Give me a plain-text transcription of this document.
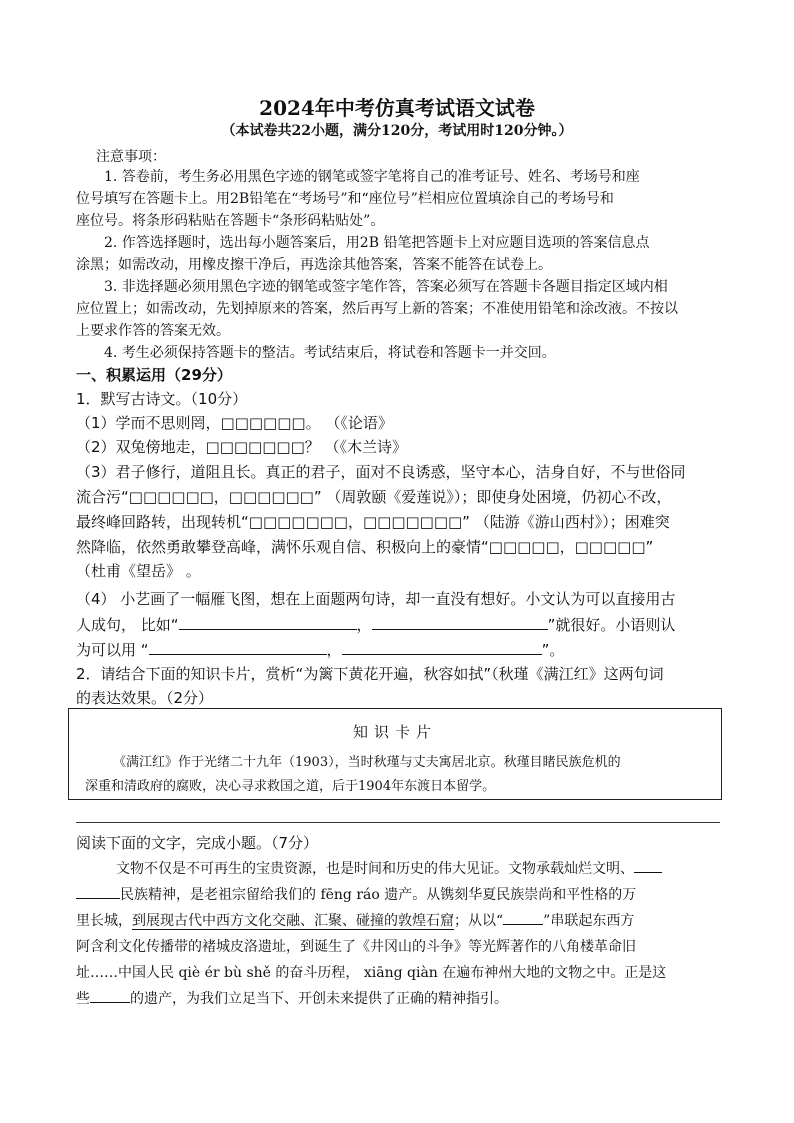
2024年中考仿真考试语文试卷
（本试卷共22小题，满分120分，考试用时120分钟。）
注意事项：
1. 答卷前，考生务必用黑色字迹的钢笔或签字笔将自己的准考证号、姓名、考场号和座
位号填写在答题卡上。用2B铅笔在“考场号”和“座位号”栏相应位置填涂自己的考场号和
座位号。将条形码粘贴在答题卡“条形码粘贴处”。
2. 作答选择题时，选出每小题答案后，用2B 铅笔把答题卡上对应题目选项的答案信息点
涂黑；如需改动，用橡皮擦干净后，再选涂其他答案，答案不能答在试卷上。
3. 非选择题必须用黑色字迹的钢笔或签字笔作答，答案必须写在答题卡各题目指定区域内相
应位置上；如需改动，先划掉原来的答案，然后再写上新的答案；不准使用铅笔和涂改液。不按以
上要求作答的答案无效。
4. 考生必须保持答题卡的整洁。考试结束后，将试卷和答题卡一并交回。
一、积累运用（29分）
1．默写古诗文。（10分）
（1）学而不思则罔，□□□□□□。 （《论语》
（2）双兔傍地走，□□□□□□□？ （《木兰诗》
（3）君子修行，道阻且长。真正的君子，面对不良诱惑，坚守本心，洁身自好，不与世俗同
流合污“□□□□□□，□□□□□□” （周敦颐《爱莲说》）；即使身处困境，仍初心不改，
最终峰回路转，出现转机“□□□□□□□，□□□□□□□” （陆游《游山西村》）；困难突
然降临，依然勇敢攀登高峰，满怀乐观自信、积极向上的豪情“□□□□□，□□□□□”
（杜甫《望岳》 。
（4） 小艺画了一幅雁飞图，想在上面题两句诗，却一直没有想好。小文认为可以直接用古
人成句， 比如“	，	”就很好。小语则认
为可以用 “	，	”。
2．请结合下面的知识卡片，赏析“为篱下黄花开遍，秋容如拭”（秋瑾《满江红》这两句词
的表达效果。（2分）
知识卡片
《满江红》作于光绪二十九年（1903），当时秋瑾与丈夫寓居北京。秋瑾目睹民族危机的
深重和清政府的腐败，决心寻求救国之道，后于1904年东渡日本留学。
阅读下面的文字，完成小题。（7分）
文物不仅是不可再生的宝贵资源，也是时间和历史的伟大见证。文物承载灿烂文明、
民族精神，是老祖宗留给我们的 fēng ráo 遗产。从镌刻华夏民族崇尚和平性格的万
里长城，到展现古代中西方文化交融、汇聚、碰撞的敦煌石窟；从以“	”串联起东西方
阿含利文化传播带的褚城皮洛遗址，到诞生了《井冈山的斗争》等光辉著作的八角楼革命旧
址……中国人民 qiè ér bù shě 的奋斗历程， xiāng qiàn 在遍布神州大地的文物之中。正是这
些	的遗产，为我们立足当下、开创未来提供了正确的精神指引。
